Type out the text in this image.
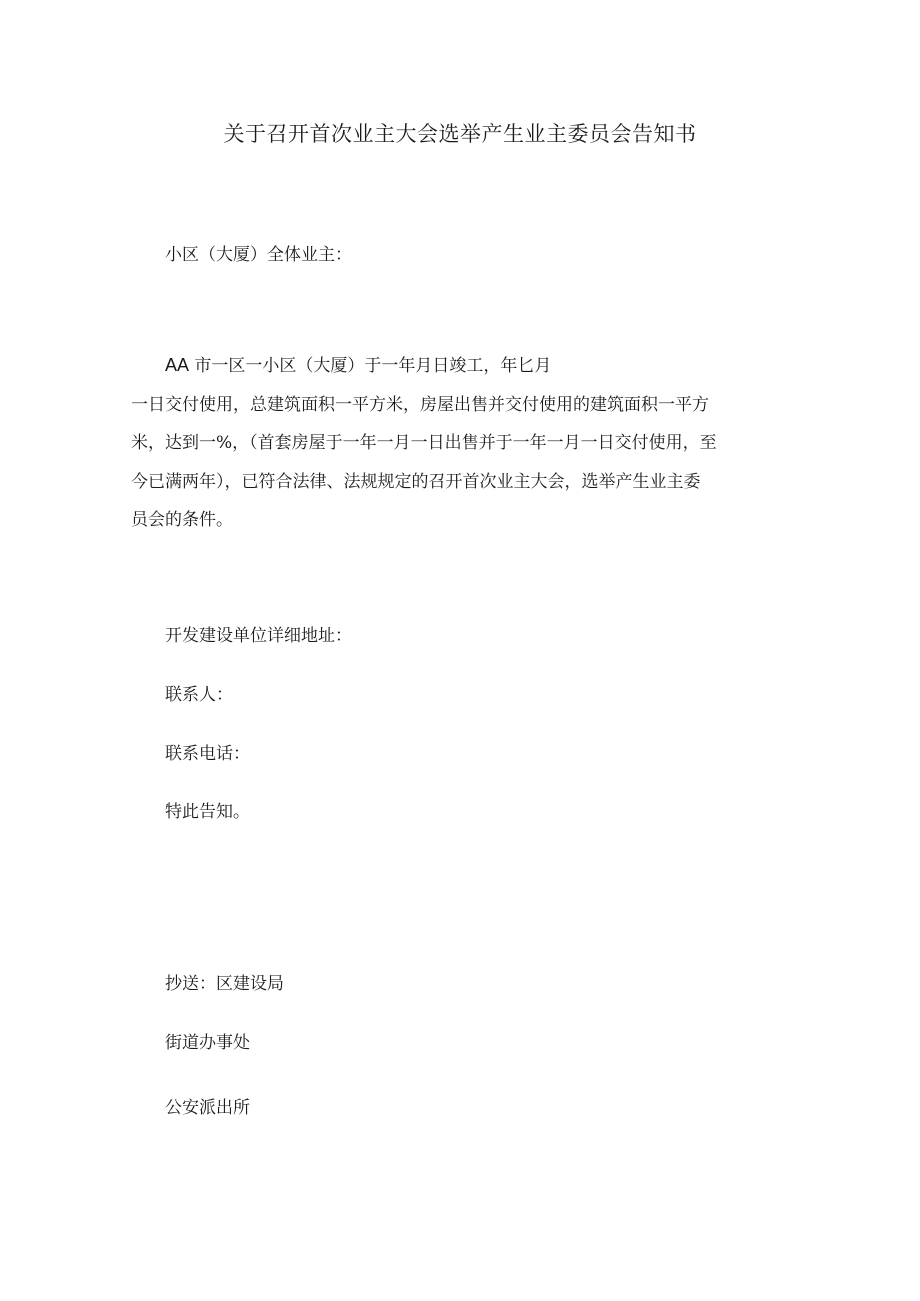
关于召开首次业主大会选举产生业主委员会告知书
小区（大厦）全体业主：
AA 市一区一小区（大厦）于一年月日竣工，年匕月
一日交付使用，总建筑面积一平方米，房屋出售并交付使用的建筑面积一平方
米，达到一%，（首套房屋于一年一月一日出售并于一年一月一日交付使用，至
今已满两年），已符合法律、法规规定的召开首次业主大会，选举产生业主委
员会的条件。
开发建设单位详细地址：
联系人：
联系电话：
特此告知。
抄送：区建设局
街道办事处
公安派出所
